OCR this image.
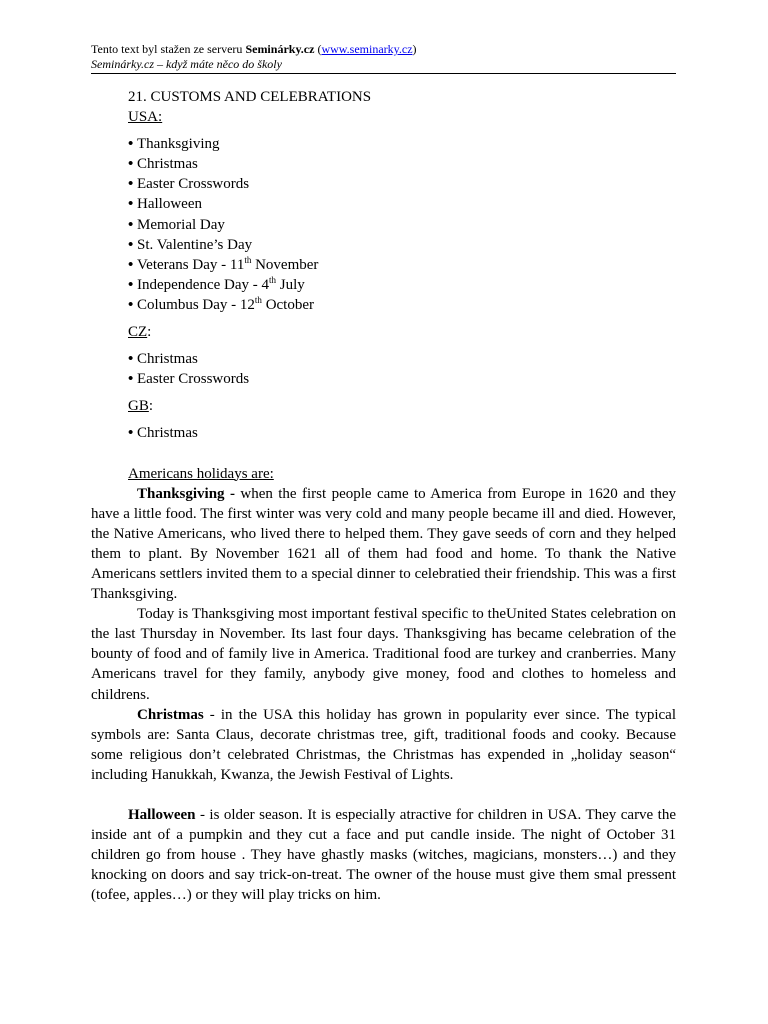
Tento text byl stažen ze serveru Seminárky.cz (www.seminarky.cz)
Seminárky.cz – když máte něco do školy
21. CUSTOMS AND CELEBRATIONS

USA:

• Thanksgiving
• Christmas
• Easter Crosswords
• Halloween
• Memorial Day
• St. Valentine’s Day
• Veterans Day - 11th November
• Independence Day - 4th July
• Columbus Day - 12th October

CZ:

• Christmas
• Easter Crosswords

GB:

• Christmas

Americans holidays are:

Thanksgiving - when the first people came to America from Europe in 1620 and they have a little food. The first winter was very cold and many people became ill and died. However, the Native Americans, who lived there to helped them. They gave seeds of corn and they helped them to plant. By November 1621 all of them had food and home. To thank the Native Americans settlers invited them to a special dinner to celebratied their friendship. This was a first Thanksgiving.

Today is Thanksgiving most important festival specific to theUnited States celebration on the last Thursday in November. Its last four days. Thanksgiving has became celebration of the bounty of food and of family live in America. Traditional food are turkey and cranberries. Many Americans travel for they family, anybody give money, food and clothes to homeless and childrens.

Christmas - in the USA this holiday has grown in popularity ever since. The typical symbols are: Santa Claus, decorate christmas tree, gift, traditional foods and cooky. Because some religious don’t celebrated Christmas, the Christmas has expended in „holiday season“ including Hanukkah, Kwanza, the Jewish Festival of Lights.

Halloween - is older season. It is especially atractive for children in USA. They carve the inside ant of a pumpkin and they cut a face and put candle inside. The night of October 31 children go from house . They have ghastly masks (witches, magicians, monsters…) and they knocking on doors and say trick-on-treat. The owner of the house must give them smal pressent (tofee, apples…) or they will play tricks on him.
